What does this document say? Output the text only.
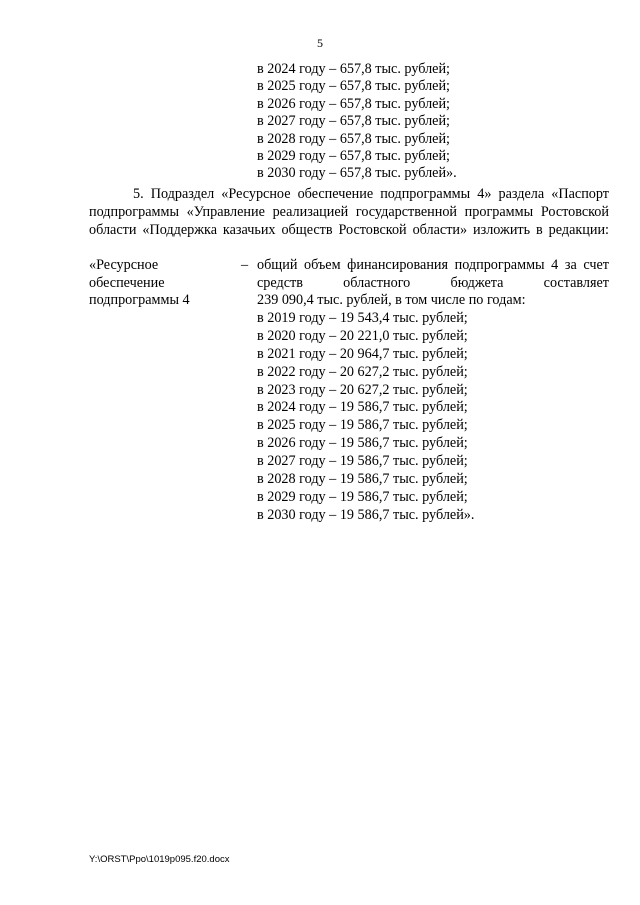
5
в 2024 году – 657,8 тыс. рублей;
в 2025 году – 657,8 тыс. рублей;
в 2026 году – 657,8 тыс. рублей;
в 2027 году – 657,8 тыс. рублей;
в 2028 году – 657,8 тыс. рублей;
в 2029 году – 657,8 тыс. рублей;
в 2030 году – 657,8 тыс. рублей».
5. Подраздел «Ресурсное обеспечение подпрограммы 4» раздела «Паспорт
подпрограммы «Управление реализацией государственной программы Ростовской
области «Поддержка казачьих обществ Ростовской области» изложить в редакции:
«Ресурсное
обеспечение
подпрограммы 4
– общий объем финансирования подпрограммы 4 за счет
средств областного бюджета составляет
239 090,4 тыс. рублей, в том числе по годам:
в 2019 году – 19 543,4 тыс. рублей;
в 2020 году – 20 221,0 тыс. рублей;
в 2021 году – 20 964,7 тыс. рублей;
в 2022 году – 20 627,2 тыс. рублей;
в 2023 году – 20 627,2 тыс. рублей;
в 2024 году – 19 586,7 тыс. рублей;
в 2025 году – 19 586,7 тыс. рублей;
в 2026 году – 19 586,7 тыс. рублей;
в 2027 году – 19 586,7 тыс. рублей;
в 2028 году – 19 586,7 тыс. рублей;
в 2029 году – 19 586,7 тыс. рублей;
в 2030 году – 19 586,7 тыс. рублей».
Y:\ORST\Ppo\1019p095.f20.docx
